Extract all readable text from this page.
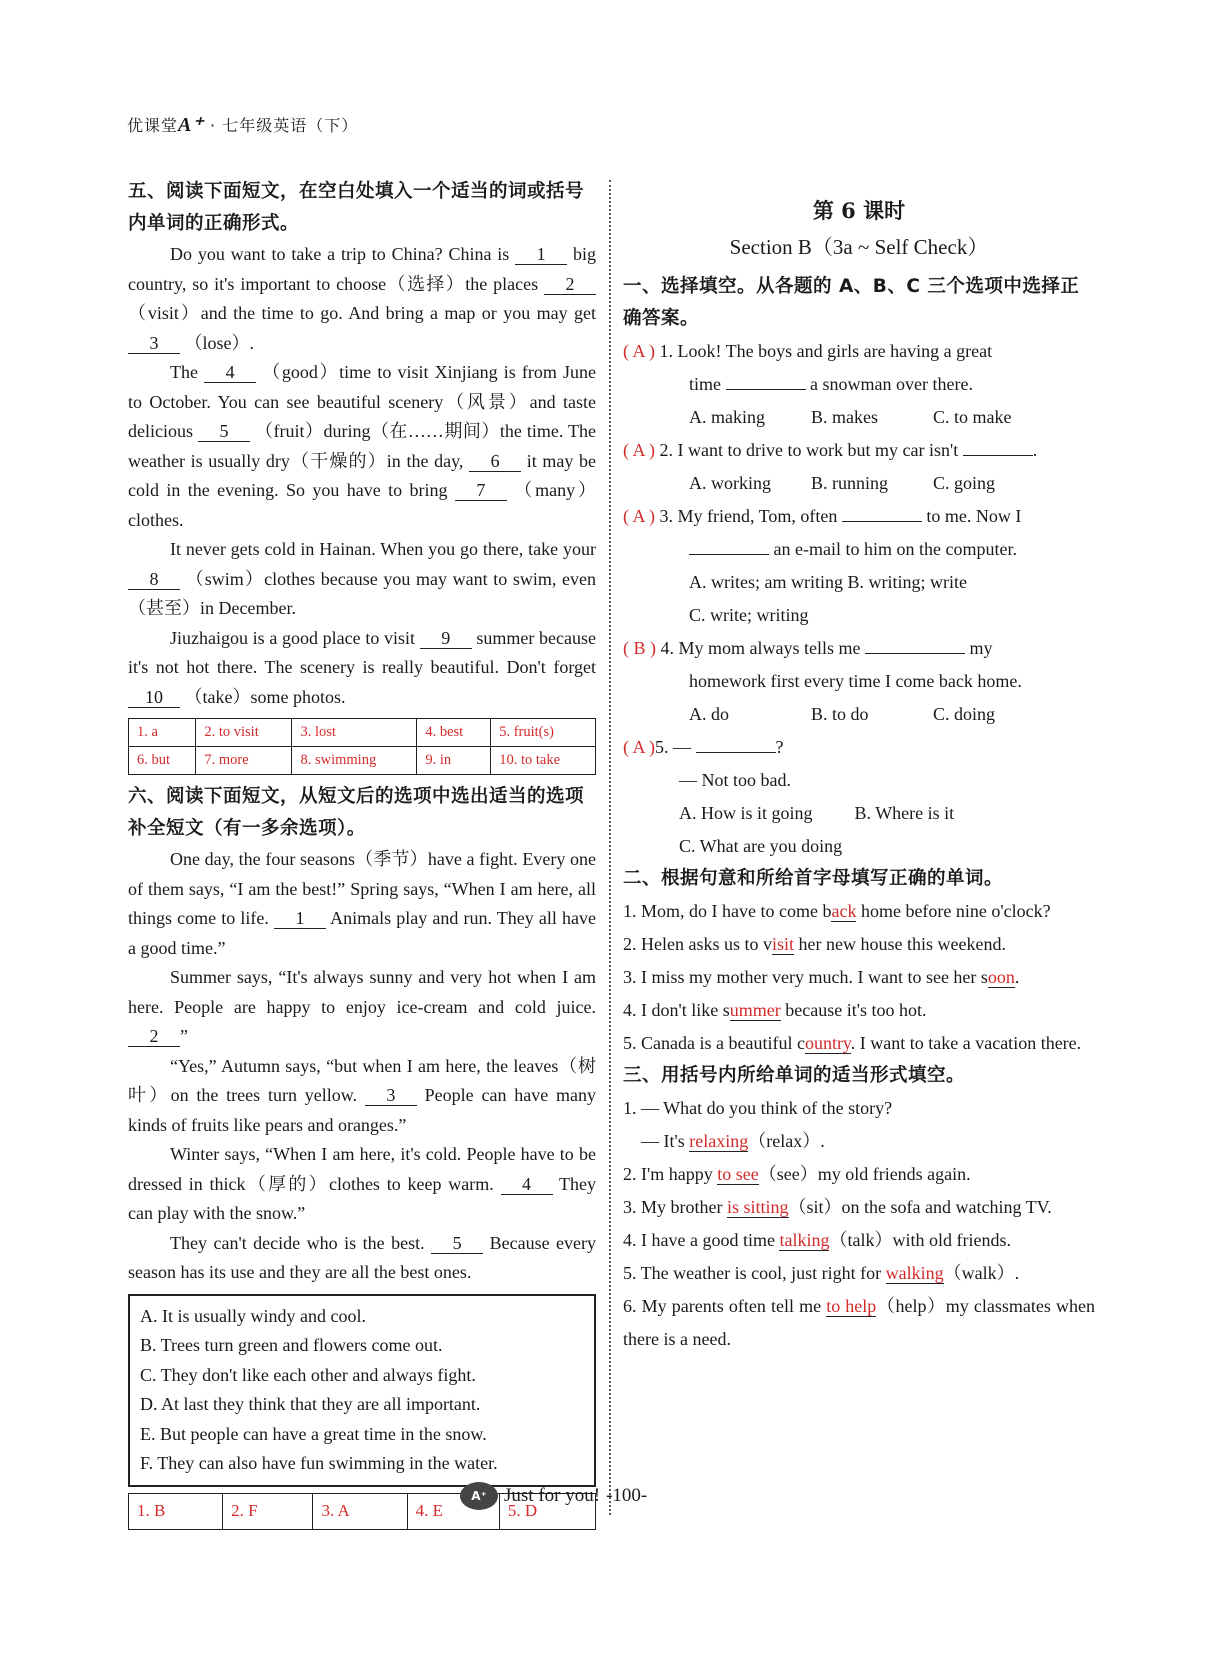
优课堂A⁺ · 七年级英语（下）
五、阅读下面短文，在空白处填入一个适当的词或括号内单词的正确形式。

Do you want to take a trip to China? China is 1 big country, so it's important to choose（选择）the places 2 （visit）and the time to go. And bring a map or you may get 3 （lose）.

The 4 （good）time to visit Xinjiang is from June to October. You can see beautiful scenery（风景）and taste delicious 5 （fruit）during（在……期间）the time. The weather is usually dry（干燥的）in the day, 6 it may be cold in the evening. So you have to bring 7 （many）clothes.

It never gets cold in Hainan. When you go there, take your 8 （swim）clothes because you may want to swim, even（甚至）in December.

Jiuzhaigou is a good place to visit 9 summer because it's not hot there. The scenery is really beautiful. Don't forget 10 （take）some photos.

1. a	2. to visit	3. lost	4. best	5. fruit(s)
6. but	7. more	8. swimming	9. in	10. to take
六、阅读下面短文，从短文后的选项中选出适当的选项补全短文（有一多余选项）。

One day, the four seasons（季节）have a fight. Every one of them says, “I am the best!” Spring says, “When I am here, all things come to life. 1 Animals play and run. They all have a good time.”

Summer says, “It's always sunny and very hot when I am here. People are happy to enjoy ice-cream and cold juice. 2 ”

“Yes,” Autumn says, “but when I am here, the leaves（树叶）on the trees turn yellow. 3 People can have many kinds of fruits like pears and oranges.”

Winter says, “When I am here, it's cold. People have to be dressed in thick（厚的）clothes to keep warm. 4 They can play with the snow.”

They can't decide who is the best. 5 Because every season has its use and they are all the best ones.

A. It is usually windy and cool.
B. Trees turn green and flowers come out.
C. They don't like each other and always fight.
D. At last they think that they are all important.
E. But people can have a great time in the snow.
F. They can also have fun swimming in the water.
1. B	2. F	3. A	4. E	5. D
第 6 课时
Section B（3a ~ Self Check）
一、选择填空。从各题的 A、B、C 三个选项中选择正确答案。
( A ) 1. Look! The boys and girls are having a great
time	a snowman over there.
A. making	B. makes	C. to make
( A ) 2. I want to drive to work but my car isn't	.
A. working	B. running	C. going
( A ) 3. My friend, Tom, often	to me. Now I
an e-mail to him on the computer.
A. writes; am writing B. writing; write
C. write; writing
( B ) 4. My mom always tells me	my
homework first every time I come back home.
A. do	B. to do	C. doing
( A )5. —	?
— Not too bad.
A. How is it going B. Where is it
C. What are you doing
二、根据句意和所给首字母填写正确的单词。
1. Mom, do I have to come back home before nine o'clock?
2. Helen asks us to visit her new house this weekend.
3. I miss my mother very much. I want to see her soon.
4. I don't like summer because it's too hot.
5. Canada is a beautiful country. I want to take a vacation there.
三、用括号内所给单词的适当形式填空。
1. — What do you think of the story?
— It's relaxing（relax）.
2. I'm happy to see（see）my old friends again.
3. My brother is sitting（sit）on the sofa and watching TV.
4. I have a good time talking（talk）with old friends.
5. The weather is cool, just right for walking（walk）.
6. My parents often tell me to help（help）my classmates when there is a need.
A⁺ Just for you! -100-
